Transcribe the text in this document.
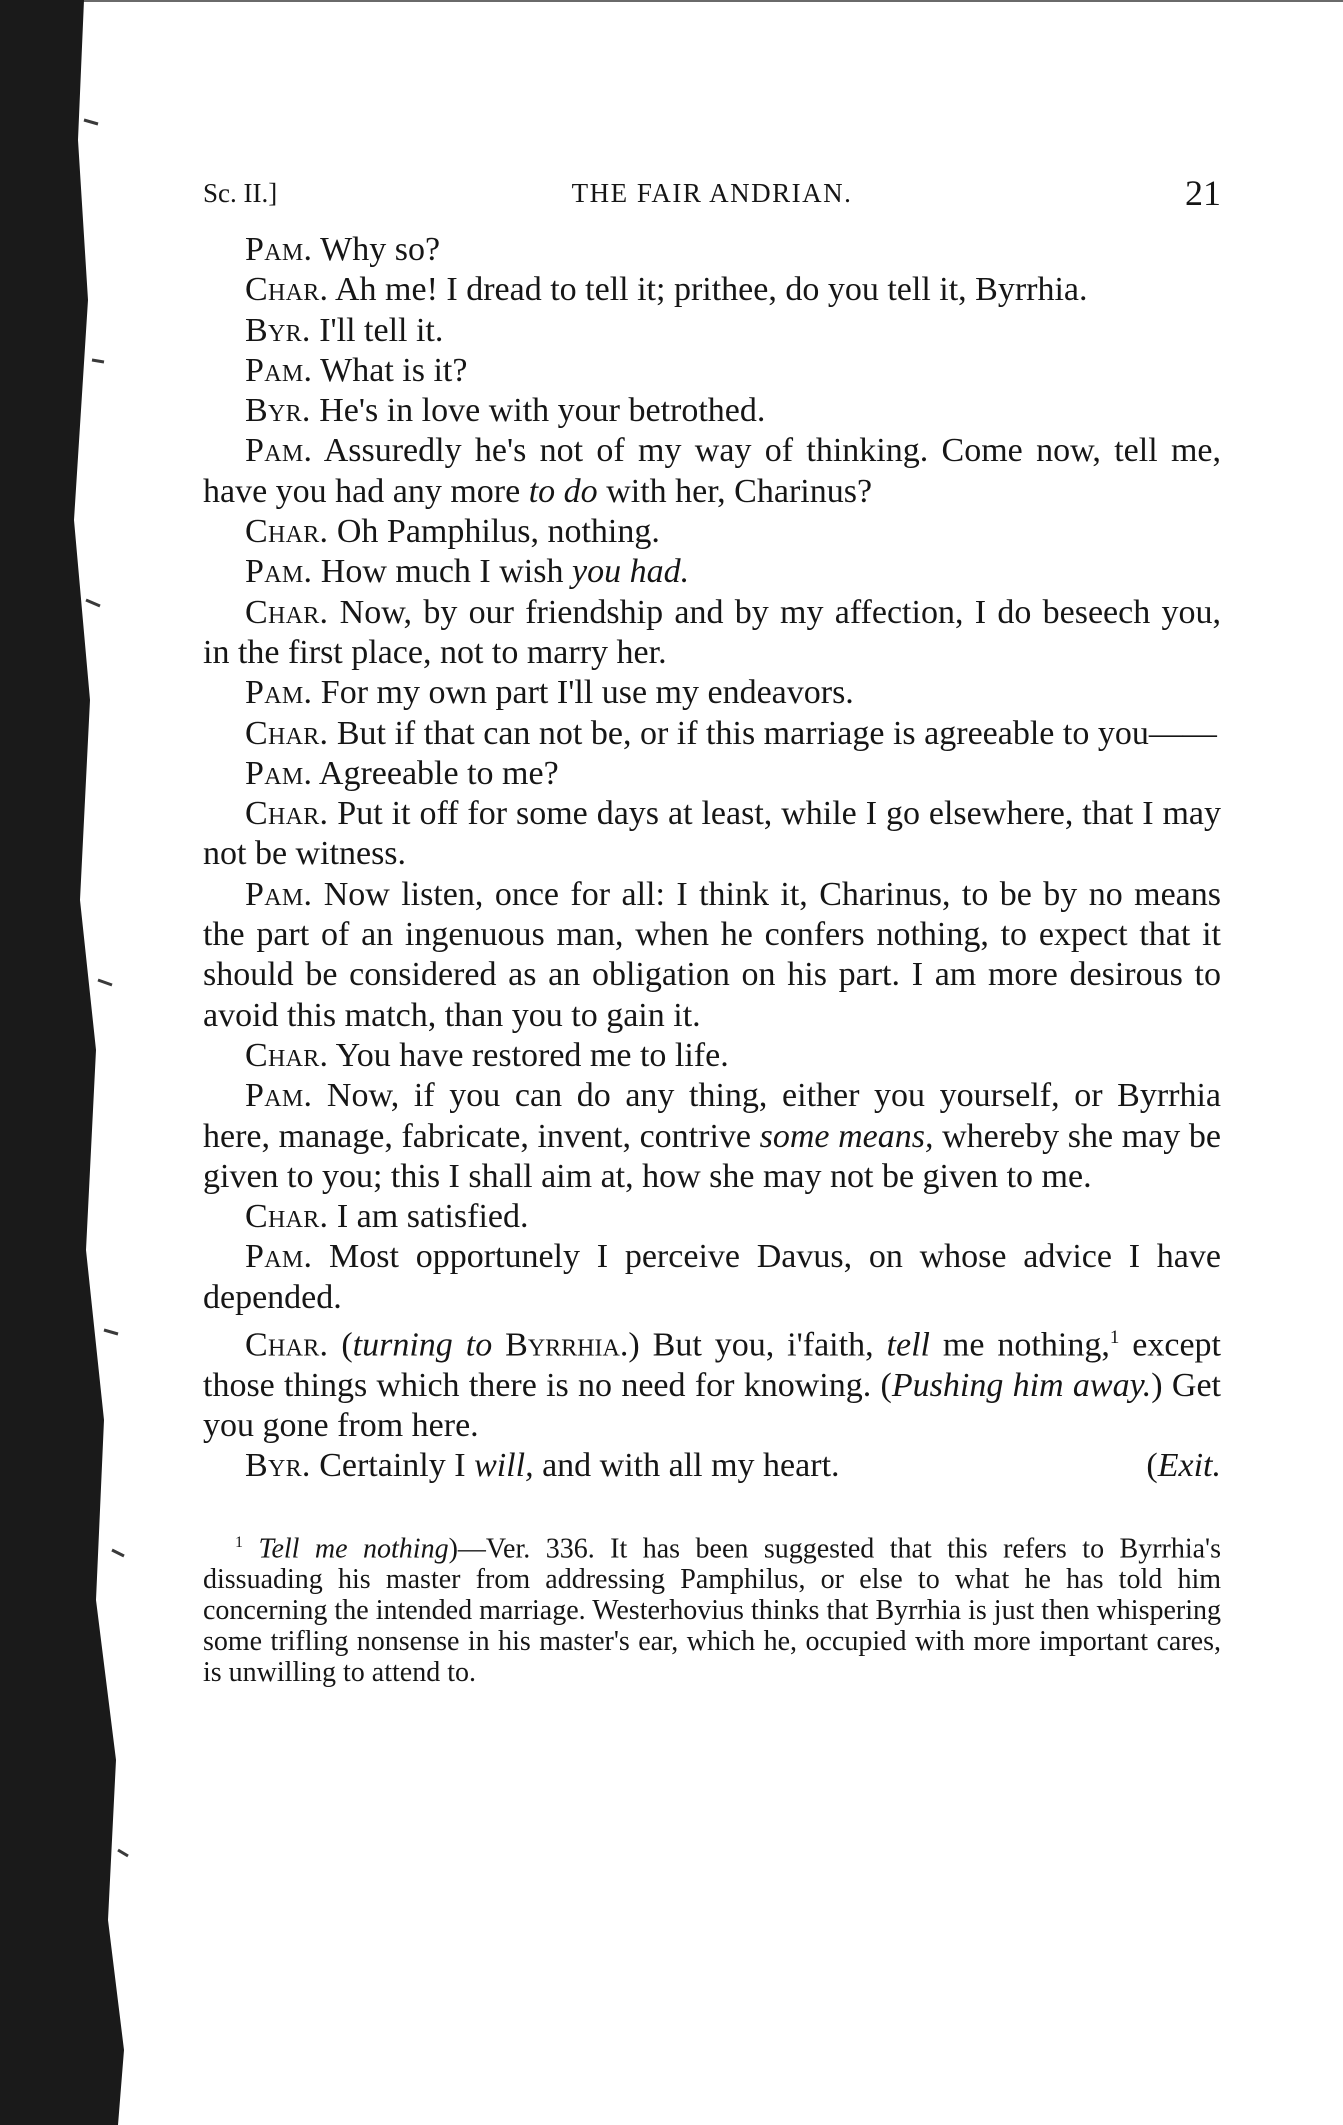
Sc. II.]	THE FAIR ANDRIAN.	21

Pam. Why so?

Char. Ah me! I dread to tell it; prithee, do you tell it, Byrrhia.

Byr. I'll tell it.

Pam. What is it?

Byr. He's in love with your betrothed.

Pam. Assuredly he's not of my way of thinking. Come now, tell me, have you had any more to do with her, Charinus?

Char. Oh Pamphilus, nothing.

Pam. How much I wish you had.

Char. Now, by our friendship and by my affection, I do beseech you, in the first place, not to marry her.

Pam. For my own part I'll use my endeavors.

Char. But if that can not be, or if this marriage is agreeable to you——

Pam. Agreeable to me?

Char. Put it off for some days at least, while I go elsewhere, that I may not be witness.

Pam. Now listen, once for all: I think it, Charinus, to be by no means the part of an ingenuous man, when he confers nothing, to expect that it should be considered as an obligation on his part. I am more desirous to avoid this match, than you to gain it.

Char. You have restored me to life.

Pam. Now, if you can do any thing, either you yourself, or Byrrhia here, manage, fabricate, invent, contrive some means, whereby she may be given to you; this I shall aim at, how she may not be given to me.

Char. I am satisfied.

Pam. Most opportunely I perceive Davus, on whose advice I have depended.

Char. (turning to Byrrhia.) But you, i'faith, tell me nothing,$^1$ except those things which there is no need for knowing. (Pushing him away.) Get you gone from here.

Byr. Certainly I will, and with all my heart.	(Exit.

$^1$ Tell me nothing)—Ver. 336. It has been suggested that this refers to Byrrhia's dissuading his master from addressing Pamphilus, or else to what he has told him concerning the intended marriage. Westerhovius thinks that Byrrhia is just then whispering some trifling nonsense in his master's ear, which he, occupied with more important cares, is unwilling to attend to.
